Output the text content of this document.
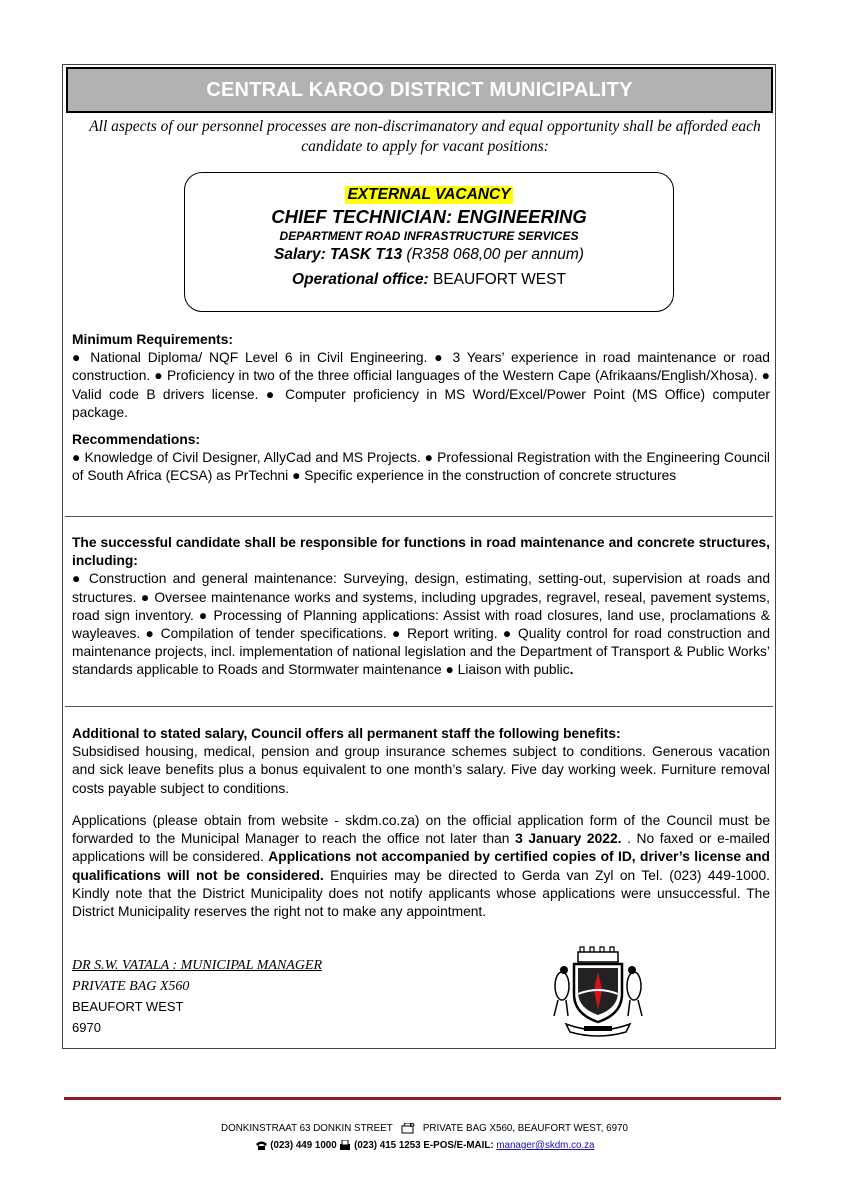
CENTRAL KAROO DISTRICT MUNICIPALITY
All aspects of our personnel processes are non-discrimanatory and equal opportunity shall be afforded each candidate to apply for vacant positions:
EXTERNAL VACANCY
CHIEF TECHNICIAN: ENGINEERING
DEPARTMENT ROAD INFRASTRUCTURE SERVICES
Salary: TASK T13 (R358 068,00 per annum)
Operational office: BEAUFORT WEST
Minimum Requirements:

● National Diploma/ NQF Level 6 in Civil Engineering. ● 3 Years’ experience in road maintenance or road construction. ● Proficiency in two of the three official languages of the Western Cape (Afrikaans/English/Xhosa). ● Valid code B drivers license. ● Computer proficiency in MS Word/Excel/Power Point (MS Office) computer package.

Recommendations:

● Knowledge of Civil Designer, AllyCad and MS Projects. ● Professional Registration with the Engineering Council of South Africa (ECSA) as PrTechni ● Specific experience in the construction of concrete structures

The successful candidate shall be responsible for functions in road maintenance and concrete structures, including:

● Construction and general maintenance: Surveying, design, estimating, setting-out, supervision at roads and structures. ● Oversee maintenance works and systems, including upgrades, regravel, reseal, pavement systems, road sign inventory. ● Processing of Planning applications: Assist with road closures, land use, proclamations & wayleaves. ● Compilation of tender specifications. ● Report writing. ● Quality control for road construction and maintenance projects, incl. implementation of national legislation and the Department of Transport & Public Works’ standards applicable to Roads and Stormwater maintenance ● Liaison with public.

Additional to stated salary, Council offers all permanent staff the following benefits:

Subsidised housing, medical, pension and group insurance schemes subject to conditions. Generous vacation and sick leave benefits plus a bonus equivalent to one month’s salary. Five day working week. Furniture removal costs payable subject to conditions.

Applications (please obtain from website - skdm.co.za) on the official application form of the Council must be forwarded to the Municipal Manager to reach the office not later than 3 January 2022. . No faxed or e-mailed applications will be considered. Applications not accompanied by certified copies of ID, driver’s license and qualifications will not be considered. Enquiries may be directed to Gerda van Zyl on Tel. (023) 449-1000. Kindly note that the District Municipality does not notify applicants whose applications were unsuccessful. The District Municipality reserves the right not to make any appointment.

DR S.W. VATALA : MUNICIPAL MANAGER
PRIVATE BAG X560
BEAUFORT WEST
6970
DONKINSTRAAT 63 DONKIN STREET	PRIVATE BAG X560, BEAUFORT WEST, 6970
(023) 449 1000 (023) 415 1253 E-POS/E-MAIL: manager@skdm.co.za
